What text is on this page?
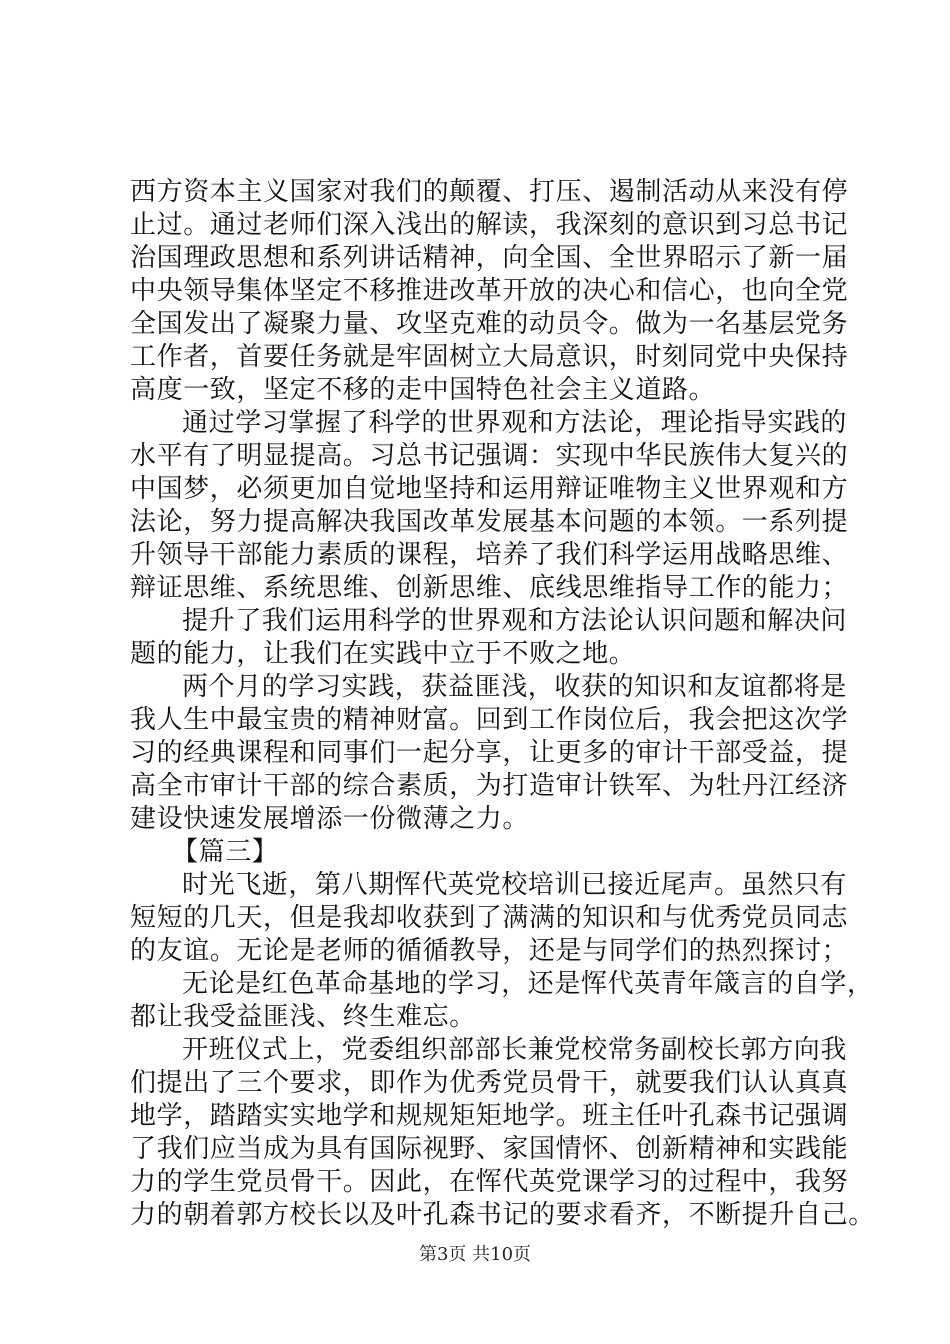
西方资本主义国家对我们的颠覆、打压、遏制活动从来没有停
止过。通过老师们深入浅出的解读，我深刻的意识到习总书记
治国理政思想和系列讲话精神，向全国、全世界昭示了新一届
中央领导集体坚定不移推进改革开放的决心和信心，也向全党
全国发出了凝聚力量、攻坚克难的动员令。做为一名基层党务
工作者，首要任务就是牢固树立大局意识，时刻同党中央保持
高度一致，坚定不移的走中国特色社会主义道路。
通过学习掌握了科学的世界观和方法论，理论指导实践的
水平有了明显提高。习总书记强调：实现中华民族伟大复兴的
中国梦，必须更加自觉地坚持和运用辩证唯物主义世界观和方
法论，努力提高解决我国改革发展基本问题的本领。一系列提
升领导干部能力素质的课程，培养了我们科学运用战略思维、
辩证思维、系统思维、创新思维、底线思维指导工作的能力；
提升了我们运用科学的世界观和方法论认识问题和解决问
题的能力，让我们在实践中立于不败之地。
两个月的学习实践，获益匪浅，收获的知识和友谊都将是
我人生中最宝贵的精神财富。回到工作岗位后，我会把这次学
习的经典课程和同事们一起分享，让更多的审计干部受益，提
高全市审计干部的综合素质，为打造审计铁军、为牡丹江经济
建设快速发展增添一份微薄之力。
【篇三】
时光飞逝，第八期恽代英党校培训已接近尾声。虽然只有
短短的几天，但是我却收获到了满满的知识和与优秀党员同志
的友谊。无论是老师的循循教导，还是与同学们的热烈探讨；
无论是红色革命基地的学习，还是恽代英青年箴言的自学，
都让我受益匪浅、终生难忘。
开班仪式上，党委组织部部长兼党校常务副校长郭方向我
们提出了三个要求，即作为优秀党员骨干，就要我们认认真真
地学，踏踏实实地学和规规矩矩地学。班主任叶孔森书记强调
了我们应当成为具有国际视野、家国情怀、创新精神和实践能
力的学生党员骨干。因此，在恽代英党课学习的过程中，我努
力的朝着郭方校长以及叶孔森书记的要求看齐，不断提升自己。
第3页 共10页
